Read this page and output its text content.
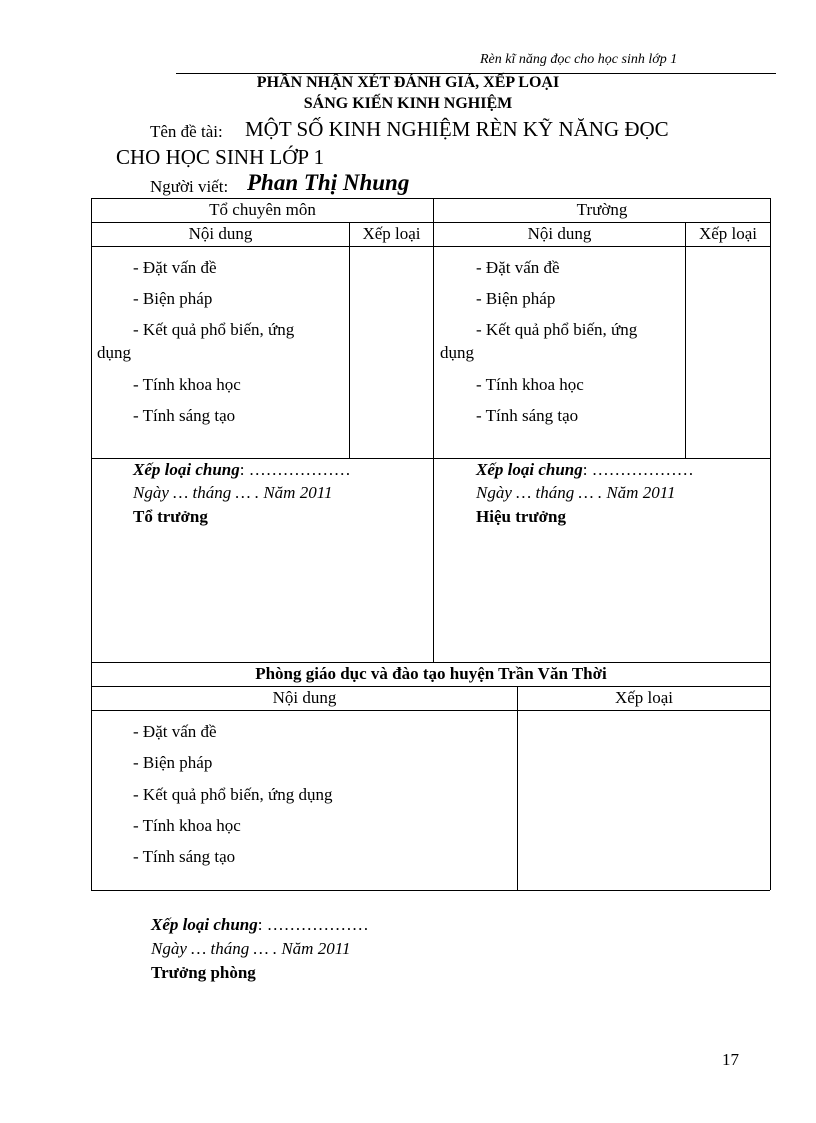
Rèn kĩ năng đọc cho học sinh lớp 1
PHẦN NHẬN XÉT ĐÁNH GIÁ, XẾP LOẠI
SÁNG KIẾN KINH NGHIỆM
Tên đề tài: MỘT SỐ KINH NGHIỆM RÈN KỸ NĂNG ĐỌC
CHO HỌC SINH LỚP 1
Người viết: Phan Thị Nhung
Tổ chuyên môn	Trường
Nội dung	Xếp loại	Nội dung	Xếp loại
- Đặt vấn đề
- Biện pháp
- Kết quả phổ biến, ứng
dụng
- Tính khoa học
- Tính sáng tạo
- Đặt vấn đề
- Biện pháp
- Kết quả phổ biến, ứng
dụng
- Tính khoa học
- Tính sáng tạo
Xếp loại chung: ………………
Ngày … tháng … . Năm 2011
Tổ trưởng
Xếp loại chung: ………………
Ngày … tháng … . Năm 2011
Hiệu trưởng
Phòng giáo dục và đào tạo huyện Trần Văn Thời
Nội dung	Xếp loại
- Đặt vấn đề
- Biện pháp
- Kết quả phổ biến, ứng dụng
- Tính khoa học
- Tính sáng tạo
Xếp loại chung: ………………
Ngày … tháng … . Năm 2011
Trưởng phòng
17
